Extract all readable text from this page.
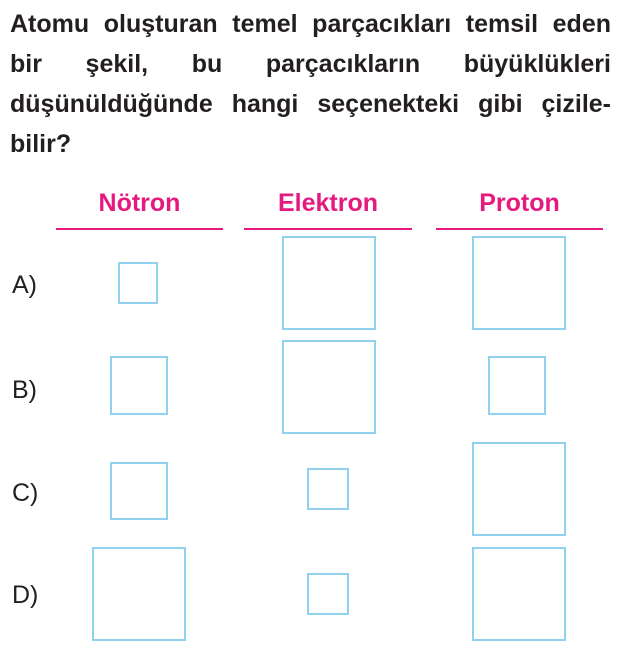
Atomu oluşturan temel parçacıkları temsil eden bir şekil, bu parçacıkların büyüklükleri düşünüldüğünde hangi seçenekteki gibi çizile-bilir?

Nötron	Elektron	Proton
A)
B)
C)
D)
